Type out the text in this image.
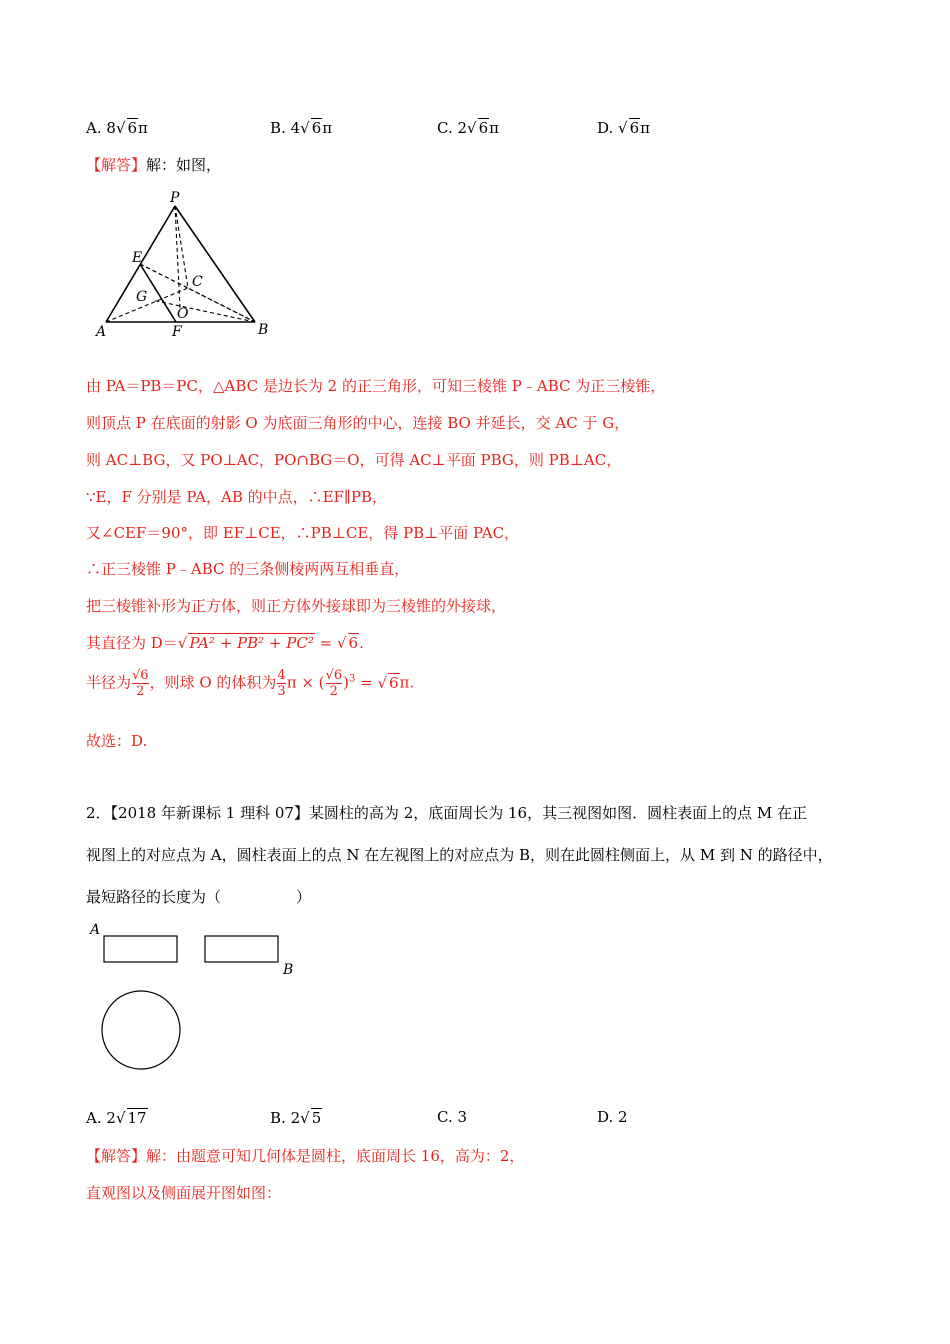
A. 8√ 6π	B. 4√ 6π	C. 2√ 6π	D. √ 6π
【解答】解：如图，
P
E
C
G
O
A	F	B
由 PA＝PB＝PC，△ABC 是边长为 2 的正三角形，可知三棱锥 P﹣ABC 为正三棱锥，
则顶点 P 在底面的射影 O 为底面三角形的中心，连接 BO 并延长，交 AC 于 G，
则 AC⊥BG，又 PO⊥AC，PO∩BG＝O，可得 AC⊥平面 PBG，则 PB⊥AC，
∵E，F 分别是 PA，AB 的中点，∴EF∥PB，
又∠CEF＝90°，即 EF⊥CE，∴PB⊥CE，得 PB⊥平面 PAC，
∴正三棱锥 P﹣ABC 的三条侧棱两两互相垂直，
把三棱锥补形为正方体，则正方体外接球即为三棱锥的外接球，
其直径为 D＝√ PA² + PB² + PC² = √ 6.
半径为 $\frac{√6}{2}$ ，则球 O 的体积为 $\frac{4}{3}$ π × ( $\frac{√6}{2} )^3$ = √ 6π.
故选：D.
2．【2018 年新课标 1 理科 07】某圆柱的高为 2，底面周长为 16，其三视图如图．圆柱表面上的点 M 在正
视图上的对应点为 A，圆柱表面上的点 N 在左视图上的对应点为 B，则在此圆柱侧面上，从 M 到 N 的路径中，
最短路径的长度为（　　　　　）
A
B
A. 2√ 17	B. 2√ 5	C. 3	D. 2
【解答】解：由题意可知几何体是圆柱，底面周长 16，高为：2，
直观图以及侧面展开图如图：
